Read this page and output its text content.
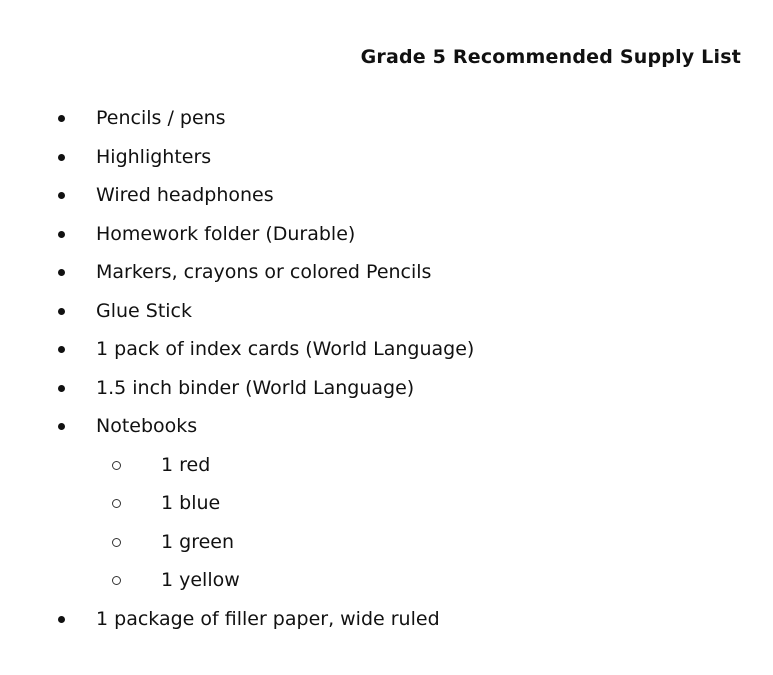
Grade 5 Recommended Supply List
Pencils / pens
Highlighters
Wired headphones
Homework folder (Durable)
Markers, crayons or colored Pencils
Glue Stick
1 pack of index cards (World Language)
1.5 inch binder (World Language)
Notebooks
1 red
1 blue
1 green
1 yellow
1 package of filler paper, wide ruled
